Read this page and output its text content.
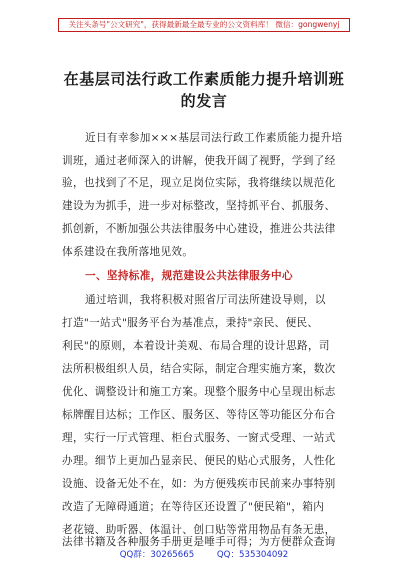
关注头条号"公文研究"，获得最新最全最专业的公文资料库！ 微信：gongwenyj
在基层司法行政工作素质能力提升培训班
的发言
近日有幸参加×××基层司法行政工作素质能力提升培
训班，通过老师深入的讲解，使我开阔了视野，学到了经
验，也找到了不足，现立足岗位实际，我将继续以规范化
建设为为抓手，进一步对标整改，坚持抓平台、抓服务、
抓创新，不断加强公共法律服务中心建设，推进公共法律
体系建设在我所落地见效。
一、坚持标准，规范建设公共法律服务中心
通过培训，我将积极对照省厅司法所建设导则，以
打造"一站式"服务平台为基准点，秉持"亲民、便民、
利民"的原则，本着设计美观、布局合理的设计思路，司
法所积极组织人员，结合实际，制定合理实施方案，数次
优化、调整设计和施工方案。现整个服务中心呈现出标志
标牌醒目达标；工作区、服务区、等待区等功能区分布合
理，实行一厅式管理、柜台式服务、一窗式受理、一站式
办理。细节上更加凸显亲民、便民的贴心式服务，人性化
设施、设备无处不在，如：为方便残疾市民前来办事特别
改造了无障碍通道；在等待区还设置了"便民箱"，箱内
老花镜、助听器、体温计、创口贴等常用物品有条无患，
QQ群：30265665	QQ：535304092
法律书籍及各种服务手册更是唾手可得；为方便群众查询
